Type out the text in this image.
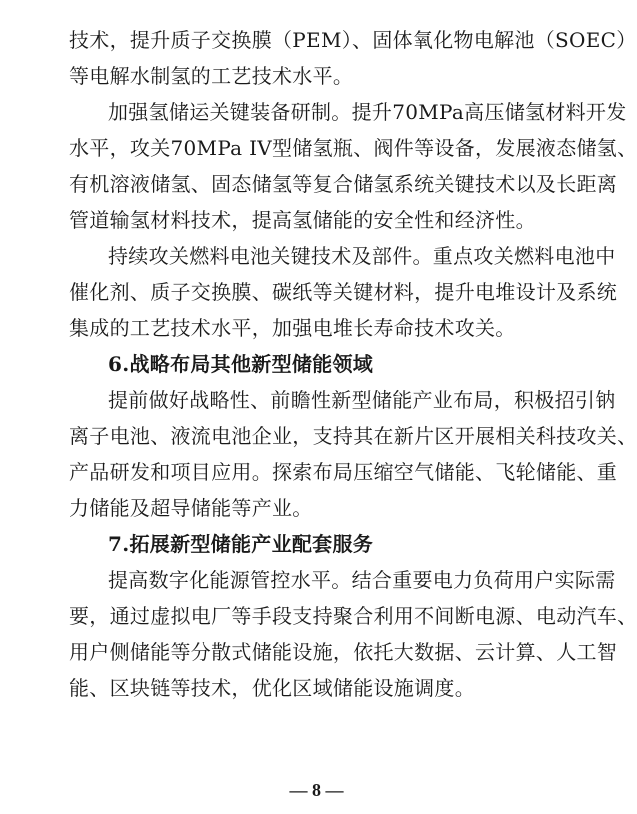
技术，提升质子交换膜（PEM）、固体氧化物电解池（SOEC）
等电解水制氢的工艺技术水平。
加强氢储运关键装备研制。提升70MPa高压储氢材料开发
水平，攻关70MPa IV型储氢瓶、阀件等设备，发展液态储氢、
有机溶液储氢、固态储氢等复合储氢系统关键技术以及长距离
管道输氢材料技术，提高氢储能的安全性和经济性。
持续攻关燃料电池关键技术及部件。重点攻关燃料电池中
催化剂、质子交换膜、碳纸等关键材料，提升电堆设计及系统
集成的工艺技术水平，加强电堆长寿命技术攻关。
6.战略布局其他新型储能领域
提前做好战略性、前瞻性新型储能产业布局，积极招引钠
离子电池、液流电池企业，支持其在新片区开展相关科技攻关、
产品研发和项目应用。探索布局压缩空气储能、飞轮储能、重
力储能及超导储能等产业。
7.拓展新型储能产业配套服务
提高数字化能源管控水平。结合重要电力负荷用户实际需
要，通过虚拟电厂等手段支持聚合利用不间断电源、电动汽车、
用户侧储能等分散式储能设施，依托大数据、云计算、人工智
能、区块链等技术，优化区域储能设施调度。
— 8 —
